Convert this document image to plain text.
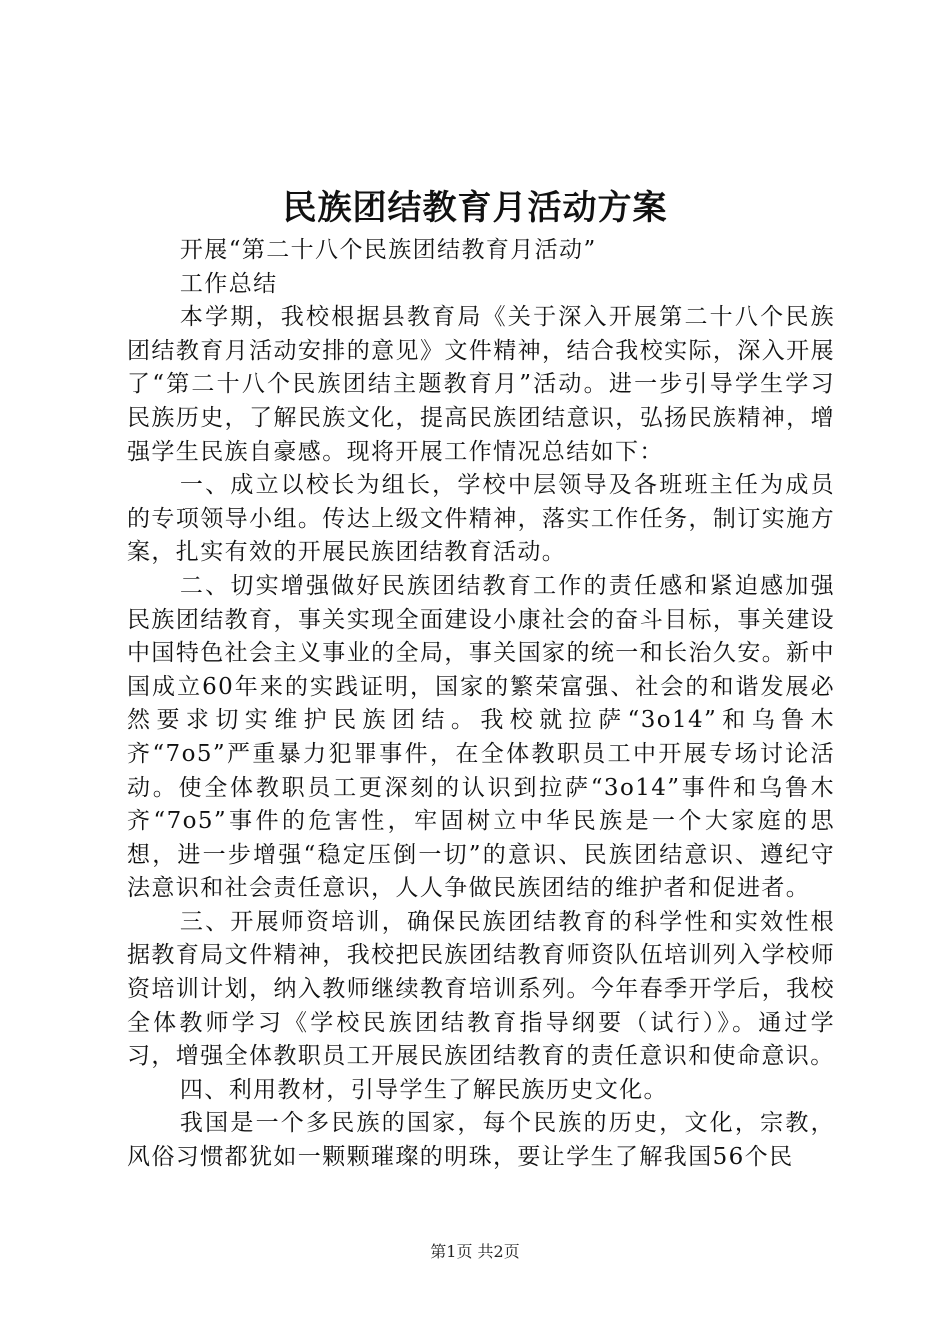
民族团结教育月活动方案

开展“第二十八个民族团结教育月活动”

工作总结

本学期，我校根据县教育局《关于深入开展第二十八个民族团结教育月活动安排的意见》文件精神，结合我校实际，深入开展了“第二十八个民族团结主题教育月”活动。进一步引导学生学习民族历史，了解民族文化，提高民族团结意识，弘扬民族精神，增强学生民族自豪感。现将开展工作情况总结如下：

一、成立以校长为组长，学校中层领导及各班班主任为成员的专项领导小组。传达上级文件精神，落实工作任务，制订实施方案，扎实有效的开展民族团结教育活动。

二、切实增强做好民族团结教育工作的责任感和紧迫感加强民族团结教育，事关实现全面建设小康社会的奋斗目标，事关建设中国特色社会主义事业的全局，事关国家的统一和长治久安。新中国成立60年来的实践证明，国家的繁荣富强、社会的和谐发展必然要求切实维护民族团结。我校就拉萨“3o14”和乌鲁木齐“7o5”严重暴力犯罪事件，在全体教职员工中开展专场讨论活动。使全体教职员工更深刻的认识到拉萨“3o14”事件和乌鲁木齐“7o5”事件的危害性，牢固树立中华民族是一个大家庭的思想，进一步增强“稳定压倒一切”的意识、民族团结意识、遵纪守法意识和社会责任意识，人人争做民族团结的维护者和促进者。

三、开展师资培训，确保民族团结教育的科学性和实效性根据教育局文件精神，我校把民族团结教育师资队伍培训列入学校师资培训计划，纳入教师继续教育培训系列。今年春季开学后，我校全体教师学习《学校民族团结教育指导纲要（试行）》。通过学习，增强全体教职员工开展民族团结教育的责任意识和使命意识。

四、利用教材，引导学生了解民族历史文化。

我国是一个多民族的国家，每个民族的历史，文化，宗教，风俗习惯都犹如一颗颗璀璨的明珠，要让学生了解我国56个民

第1页 共2页
